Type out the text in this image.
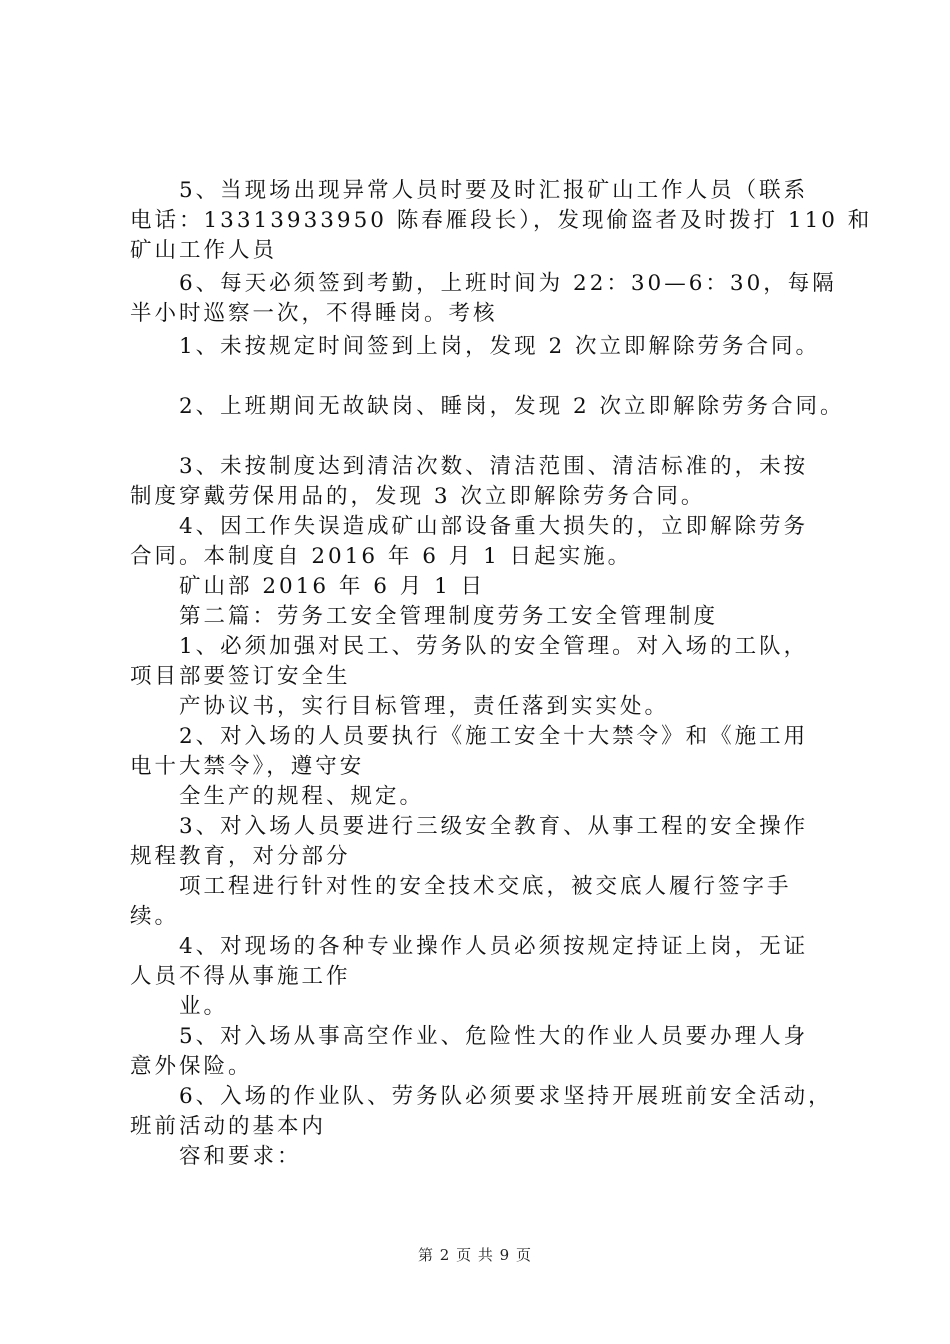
　　5、当现场出现异常人员时要及时汇报矿山工作人员（联系
电话：13313933950 陈春雁段长），发现偷盗者及时拨打 110 和
矿山工作人员
　　6、每天必须签到考勤，上班时间为 22：30—6：30，每隔
半小时巡察一次，不得睡岗。考核
　　1、未按规定时间签到上岗，发现 2 次立即解除劳务合同。
　　2、上班期间无故缺岗、睡岗，发现 2 次立即解除劳务合同。
　　3、未按制度达到清洁次数、清洁范围、清洁标准的，未按
制度穿戴劳保用品的，发现 3 次立即解除劳务合同。
　　4、因工作失误造成矿山部设备重大损失的，立即解除劳务
合同。本制度自 2016 年 6 月 1 日起实施。
　　矿山部 2016 年 6 月 1 日
　　第二篇：劳务工安全管理制度劳务工安全管理制度
　　1、必须加强对民工、劳务队的安全管理。对入场的工队，
项目部要签订安全生
　　产协议书，实行目标管理，责任落到实实处。
　　2、对入场的人员要执行《施工安全十大禁令》和《施工用
电十大禁令》，遵守安
　　全生产的规程、规定。
　　3、对入场人员要进行三级安全教育、从事工程的安全操作
规程教育，对分部分
　　项工程进行针对性的安全技术交底，被交底人履行签字手
续。
　　4、对现场的各种专业操作人员必须按规定持证上岗，无证
人员不得从事施工作
　　业。
　　5、对入场从事高空作业、危险性大的作业人员要办理人身
意外保险。
　　6、入场的作业队、劳务队必须要求坚持开展班前安全活动，
班前活动的基本内
　　容和要求：
第 2 页 共 9 页
